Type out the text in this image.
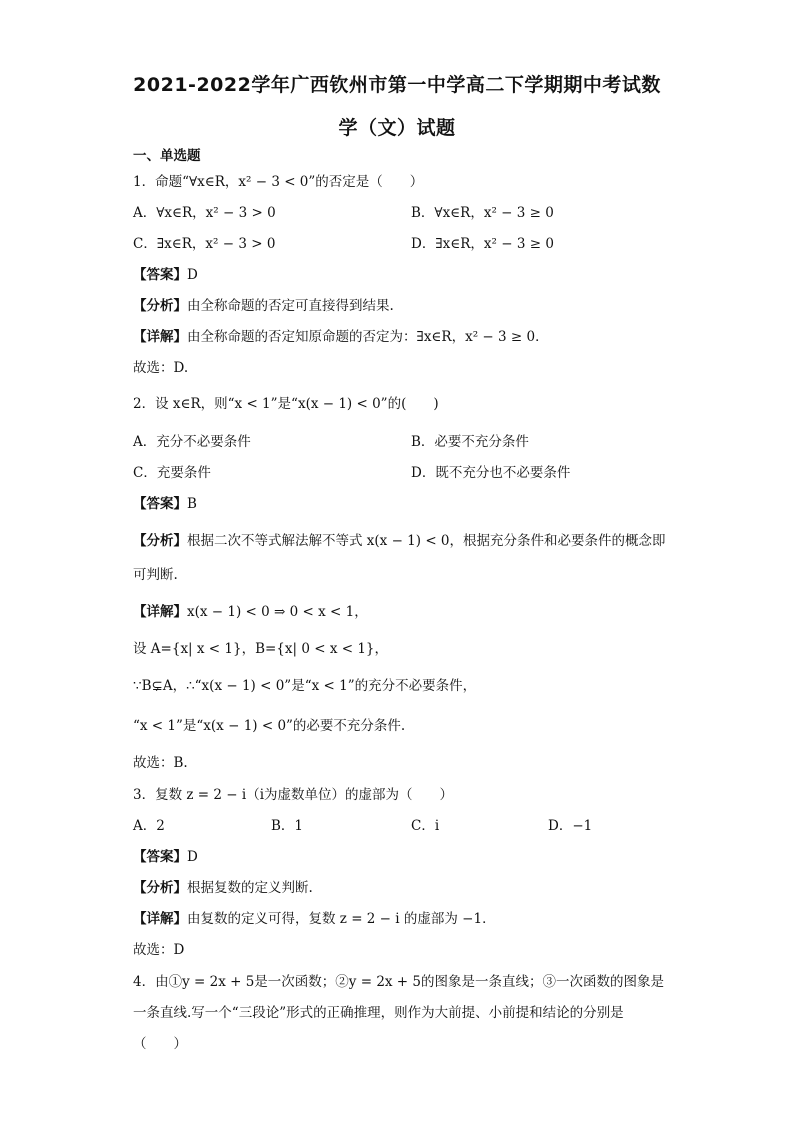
2021-2022学年广西钦州市第一中学高二下学期期中考试数
学（文）试题
一、单选题
1．命题“∀x∈R，x² − 3 < 0”的否定是（　　）
A．∀x∈R，x² − 3 > 0	B．∀x∈R，x² − 3 ≥ 0
C．∃x∈R，x² − 3 > 0	D．∃x∈R，x² − 3 ≥ 0
【答案】D
【分析】由全称命题的否定可直接得到结果.
【详解】由全称命题的否定知原命题的否定为：∃x∈R，x² − 3 ≥ 0．
故选：D.
2．设 x∈R，则“x < 1”是“x(x − 1) < 0”的(　　)
A．充分不必要条件	B．必要不充分条件
C．充要条件	D．既不充分也不必要条件
【答案】B
【分析】根据二次不等式解法解不等式 x(x − 1) < 0，根据充分条件和必要条件的概念即
可判断.
【详解】x(x − 1) < 0 ⇒ 0 < x < 1，
设 A={x| x < 1}，B={x| 0 < x < 1}，
∵B⊊A，∴“x(x − 1) < 0”是“x < 1”的充分不必要条件，
“x < 1”是“x(x − 1) < 0”的必要不充分条件.
故选：B.
3．复数 z = 2 − i（i为虚数单位）的虚部为（　　）
A．2	B．1	C．i	D．−1
【答案】D
【分析】根据复数的定义判断.
【详解】由复数的定义可得，复数 z = 2 − i 的虚部为 −1．
故选：D
4．由①y = 2x + 5是一次函数；②y = 2x + 5的图象是一条直线；③一次函数的图象是
一条直线.写一个“三段论”形式的正确推理，则作为大前提、小前提和结论的分别是
（　　）
